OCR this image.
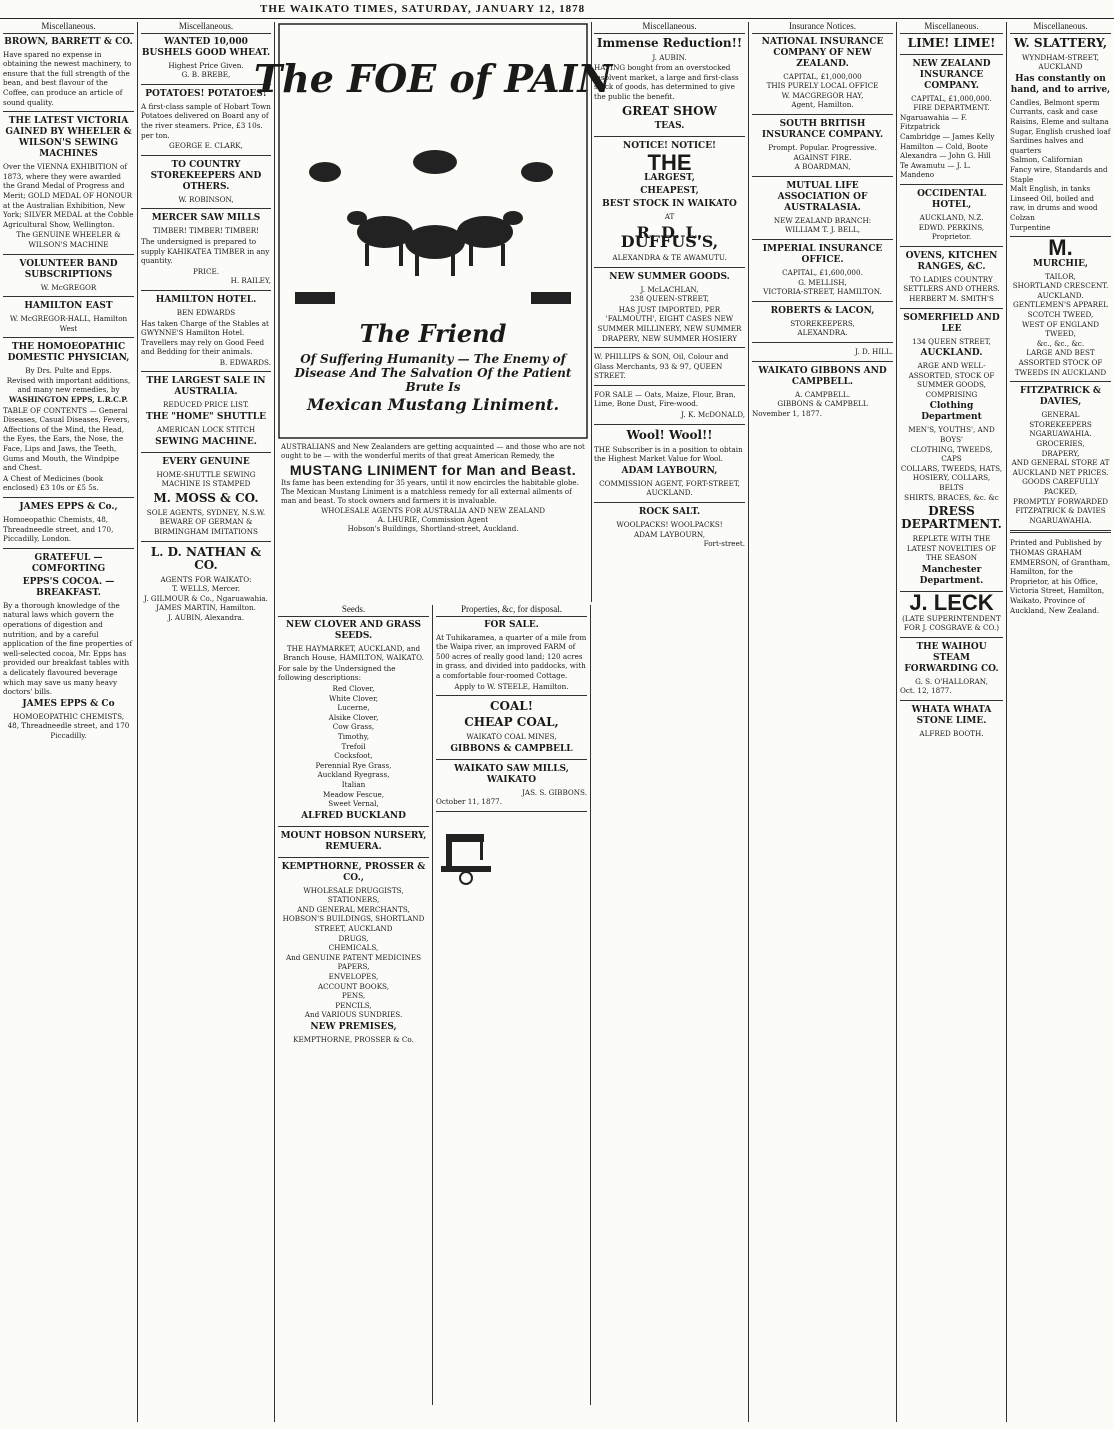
THE WAIKATO TIMES, SATURDAY, JANUARY 12, 1878
Miscellaneous.
BROWN, BARRETT & CO.

Have spared no expense in obtaining the newest machinery, to ensure that the full strength of the bean, and best flavour of the Coffee, can produce an article of sound quality.

THE LATEST VICTORIA GAINED BY WHEELER & WILSON'S SEWING MACHINES

Over the VIENNA EXHIBITION of 1873, where they were awarded the Grand Medal of Progress and Merit; GOLD MEDAL OF HONOUR at the Australian Exhibition, New York; SILVER MEDAL at the Cobble Agricultural Show, Wellington.

The GENUINE WHEELER & WILSON'S MACHINE
VOLUNTEER BAND SUBSCRIPTIONS
W. McGREGOR
HAMILTON EAST
W. McGREGOR-HALL, Hamilton West
THE HOMOEOPATHIC DOMESTIC PHYSICIAN,
By Drs. Pulte and Epps.
Revised with important additions, and many new remedies, by
WASHINGTON EPPS, L.R.C.P.

TABLE OF CONTENTS — General Diseases, Casual Diseases, Fevers, Affections of the Mind, the Head, the Eyes, the Ears, the Nose, the Face, Lips and Jaws, the Teeth, Gums and Mouth, the Windpipe and Chest.

A Chest of Medicines (book enclosed) £3 10s or £5 5s.

JAMES EPPS & Co.,

Homoeopathic Chemists, 48, Threadneedle street, and 170, Piccadilly, London.

GRATEFUL — COMFORTING
EPPS'S COCOA. — BREAKFAST.

By a thorough knowledge of the natural laws which govern the operations of digestion and nutrition, and by a careful application of the fine properties of well-selected cocoa, Mr. Epps has provided our breakfast tables with a delicately flavoured beverage which may save us many heavy doctors' bills.

JAMES EPPS & Co
HOMOEOPATHIC CHEMISTS,
48, Threadneedle street, and 170 Piccadilly.
Miscellaneous.
WANTED 10,000 BUSHELS GOOD WHEAT.
Highest Price Given.
G. B. BREBE,
POTATOES! POTATOES!

A first-class sample of Hobart Town Potatoes delivered on Board any of the river steamers. Price, £3 10s. per ton.

GEORGE E. CLARK,
TO COUNTRY STOREKEEPERS AND OTHERS.
W. ROBINSON,
MERCER SAW MILLS
TIMBER! TIMBER! TIMBER!

The undersigned is prepared to supply KAHIKATEA TIMBER in any quantity.

PRICE.
H. RAILEY,
HAMILTON HOTEL.
BEN EDWARDS

Has taken Charge of the Stables at GWYNNE'S Hamilton Hotel. Travellers may rely on Good Feed and Bedding for their animals.

B. EDWARDS.
THE LARGEST SALE IN AUSTRALIA.
REDUCED PRICE LIST.
THE "HOME" SHUTTLE
AMERICAN LOCK STITCH
SEWING MACHINE.
EVERY GENUINE
HOME-SHUTTLE SEWING MACHINE IS STAMPED
M. MOSS & CO.
SOLE AGENTS, SYDNEY, N.S.W.
BEWARE OF GERMAN & BIRMINGHAM IMITATIONS
L. D. NATHAN & CO.
AGENTS FOR WAIKATO:
T. WELLS, Mercer.
J. GILMOUR & Co., Ngaruawahia.
JAMES MARTIN, Hamilton.
J. AUBIN, Alexandra.
The FOE of PAIN
The Friend
Of Suffering Humanity — The Enemy of Disease And The Salvation Of the Patient Brute Is
Mexican Mustang Liniment.

AUSTRALIANS and New Zealanders are getting acquainted — and those who are not ought to be — with the wonderful merits of that great American Remedy, the

MUSTANG LINIMENT for Man and Beast.

Its fame has been extending for 35 years, until it now encircles the habitable globe. The Mexican Mustang Liniment is a matchless remedy for all external ailments of man and beast. To stock owners and farmers it is invaluable.

WHOLESALE AGENTS FOR AUSTRALIA AND NEW ZEALAND
A. LHURIE, Commission Agent
Hobson's Buildings, Shortland-street, Auckland.
Seeds.
NEW CLOVER AND GRASS SEEDS.
THE HAYMARKET, AUCKLAND, and Branch House, HAMILTON, WAIKATO.

For sale by the Undersigned the following descriptions:

Red Clover,
White Clover,
Lucerne,
Alsike Clover,
Cow Grass,
Timothy,
Trefoil
Cocksfoot,
Perennial Rye Grass,
Auckland Ryegrass,
Italian
Meadow Fescue,
Sweet Vernal,
ALFRED BUCKLAND
MOUNT HOBSON NURSERY, REMUERA.
KEMPTHORNE, PROSSER & CO.,
WHOLESALE DRUGGISTS, STATIONERS,
AND GENERAL MERCHANTS,
HOBSON'S BUILDINGS, SHORTLAND STREET, AUCKLAND
DRUGS,
CHEMICALS,
And GENUINE PATENT MEDICINES
PAPERS,
ENVELOPES,
ACCOUNT BOOKS,
PENS,
PENCILS,
And VARIOUS SUNDRIES.
NEW PREMISES,
KEMPTHORNE, PROSSER & Co.
Properties, &c, for disposal.
FOR SALE.

At Tuhikaramea, a quarter of a mile from the Waipa river, an improved FARM of 500 acres of really good land; 120 acres in grass, and divided into paddocks, with a comfortable four-roomed Cottage.

Apply to W. STEELE, Hamilton.
COAL!
CHEAP COAL,
WAIKATO COAL MINES,
GIBBONS & CAMPBELL
WAIKATO SAW MILLS, WAIKATO
JAS. S. GIBBONS.
October 11, 1877.
Miscellaneous.
Immense Reduction!!
J. AUBIN.

HAVING bought from an overstocked insolvent market, a large and first-class stock of goods, has determined to give the public the benefit.

GREAT SHOW
TEAS.
NOTICE! NOTICE!
THE
LARGEST,
CHEAPEST,
BEST STOCK IN WAIKATO
AT
R. D. L. DUFFUS'S,
ALEXANDRA & TE AWAMUTU.
NEW SUMMER GOODS.
J. McLACHLAN,
238 QUEEN-STREET,

HAS JUST IMPORTED, PER 'FALMOUTH', EIGHT CASES NEW SUMMER MILLINERY, NEW SUMMER DRAPERY, NEW SUMMER HOSIERY

W. PHILLIPS & SON, Oil, Colour and Glass Merchants, 93 & 97, QUEEN STREET.

FOR SALE — Oats, Maize, Flour, Bran, Lime, Bone Dust, Fire-wood.

J. K. McDONALD,
Wool! Wool!!

THE Subscriber is in a position to obtain the Highest Market Value for Wool.

ADAM LAYBOURN,
COMMISSION AGENT, FORT-STREET, AUCKLAND.
ROCK SALT.
WOOLPACKS! WOOLPACKS!
ADAM LAYBOURN,
Fort-street.
Insurance Notices.
NATIONAL INSURANCE COMPANY OF NEW ZEALAND.
CAPITAL, £1,000,000
THIS PURELY LOCAL OFFICE
W. MACGREGOR HAY,
Agent, Hamilton.
SOUTH BRITISH INSURANCE COMPANY.
Prompt. Popular. Progressive.
AGAINST FIRE.
A BOARDMAN,
MUTUAL LIFE ASSOCIATION OF AUSTRALASIA.
NEW ZEALAND BRANCH:
WILLIAM T. J. BELL,
IMPERIAL INSURANCE OFFICE.
CAPITAL, £1,600,000.
G. MELLISH,
VICTORIA-STREET, HAMILTON.
ROBERTS & LACON,
STOREKEEPERS,
ALEXANDRA.
J. D. HILL.
WAIKATO GIBBONS AND CAMPBELL.
A. CAMPBELL.
GIBBONS & CAMPBELL
November 1, 1877.
Miscellaneous.
LIME! LIME!
NEW ZEALAND INSURANCE COMPANY.
CAPITAL, £1,000,000.
FIRE DEPARTMENT.
Ngaruawahia — F. Fitzpatrick
Cambridge — James Kelly
Hamilton — Cold, Boote
Alexandra — John G. Hill
Te Awamutu — J. L. Mandeno
OCCIDENTAL HOTEL,
AUCKLAND, N.Z.
EDWD. PERKINS,
Proprietor.
OVENS, KITCHEN RANGES, &C.
TO LADIES COUNTRY SETTLERS AND OTHERS.
HERBERT M. SMITH'S
SOMERFIELD AND LEE
134 QUEEN STREET,
AUCKLAND.
ARGE AND WELL-ASSORTED, STOCK OF SUMMER GOODS,
COMPRISING
Clothing Department
MEN'S, YOUTHS', AND BOYS'
CLOTHING, TWEEDS, CAPS
COLLARS, TWEEDS, HATS,
HOSIERY, COLLARS, BELTS
SHIRTS, BRACES, &c. &c
DRESS DEPARTMENT.
REPLETE WITH THE LATEST NOVELTIES OF THE SEASON
Manchester Department.
J. LECK
(LATE SUPERINTENDENT FOR J. COSGRAVE & CO.)
THE WAIHOU STEAM FORWARDING CO.
G. S. O'HALLORAN,
Oct. 12, 1877.
WHATA WHATA STONE LIME.
ALFRED BOOTH.
Miscellaneous.
W. SLATTERY,
WYNDHAM-STREET, AUCKLAND
Has constantly on hand, and to arrive,
Candles, Belmont sperm
Currants, cask and case
Raisins, Eleme and sultana
Sugar, English crushed loaf
Sardines halves and quarters
Salmon, Californian
Fancy wire, Standards and Staple
Malt English, in tanks
Linseed Oil, boiled and raw, in drums and wood
Colzan
Turpentine
M.
MURCHIE,
TAILOR,
SHORTLAND CRESCENT.
AUCKLAND.
GENTLEMEN'S APPAREL
SCOTCH TWEED,
WEST OF ENGLAND TWEED,
&c., &c., &c.
LARGE AND BEST ASSORTED STOCK OF TWEEDS IN AUCKLAND
FITZPATRICK & DAVIES,
GENERAL STOREKEEPERS
NGARUAWAHIA.
GROCERIES,
DRAPERY,
AND GENERAL STORE AT
AUCKLAND NET PRICES.
GOODS CAREFULLY PACKED,
PROMPTLY FORWARDED
FITZPATRICK & DAVIES
NGARUAWAHIA.

Printed and Published by THOMAS GRAHAM EMMERSON, of Grantham, Hamilton, for the Proprietor, at his Office, Victoria Street, Hamilton, Waikato, Province of Auckland, New Zealand.
